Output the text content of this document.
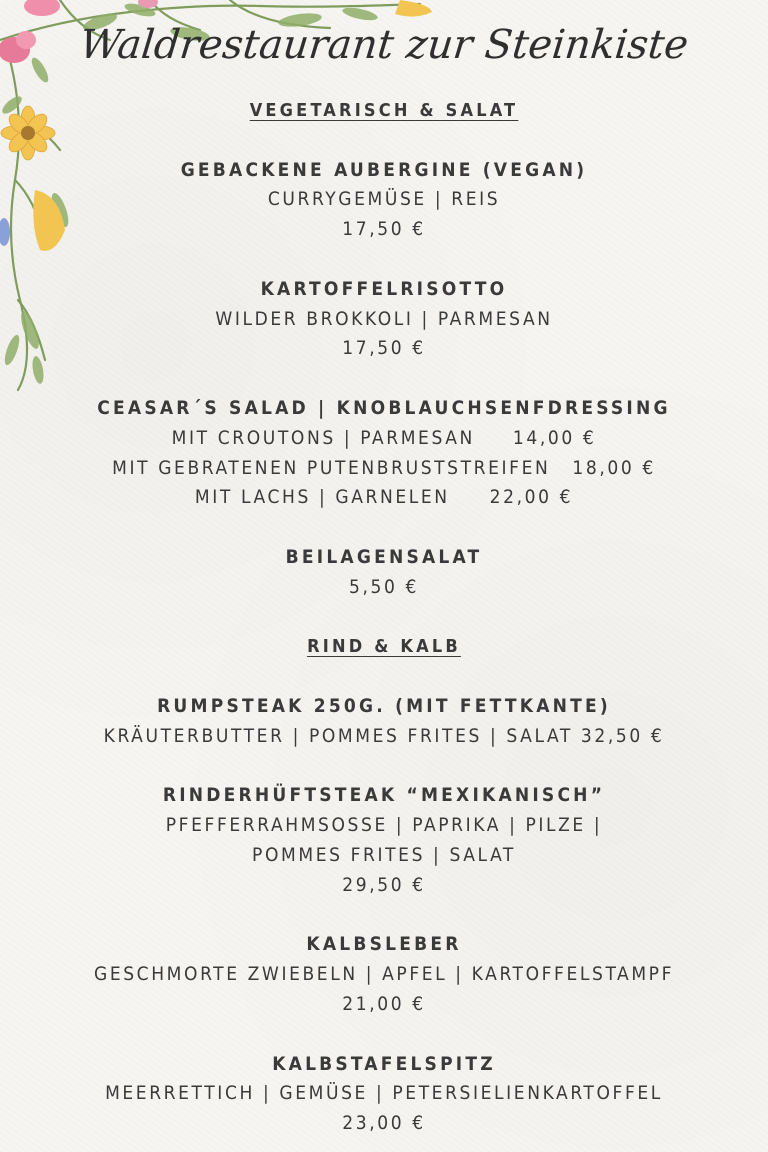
Waldrestaurant zur Steinkiste
VEGETARISCH & SALAT
GEBACKENE AUBERGINE (VEGAN)
CURRYGEMÜSE | REIS
17,50 €
KARTOFFELRISOTTO
WILDER BROKKOLI | PARMESAN
17,50 €
CEASAR´S SALAD | KNOBLAUCHSENFDRESSING
MIT CROUTONS | PARMESAN 14,00 €
MIT GEBRATENEN PUTENBRUSTSTREIFEN 18,00 €
MIT LACHS | GARNELEN 22,00 €
BEILAGENSALAT
5,50 €
RIND & KALB
RUMPSTEAK 250G. (MIT FETTKANTE)
KRÄUTERBUTTER | POMMES FRITES | SALAT 32,50 €
RINDERHÜFTSTEAK “MEXIKANISCH”
PFEFFERRAHMSOSSE | PAPRIKA | PILZE |
POMMES FRITES | SALAT
29,50 €
KALBSLEBER
GESCHMORTE ZWIEBELN | APFEL | KARTOFFELSTAMPF
21,00 €
KALBSTAFELSPITZ
MEERRETTICH | GEMÜSE | PETERSIELIENKARTOFFEL
23,00 €
